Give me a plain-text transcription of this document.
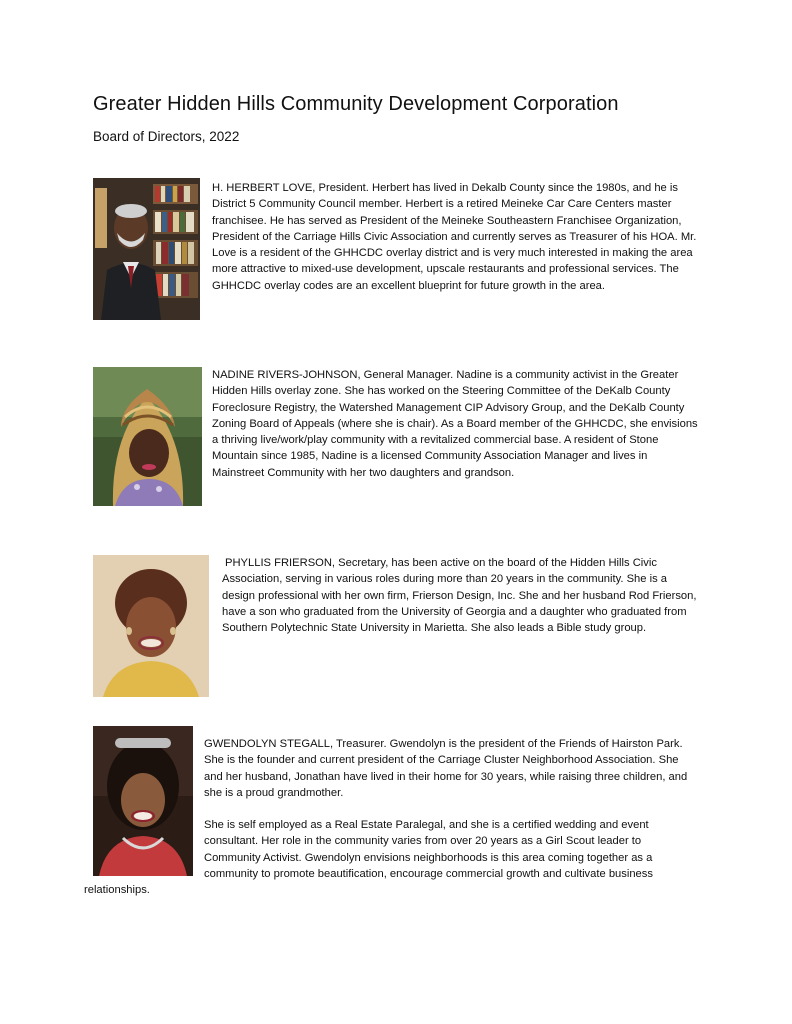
Greater Hidden Hills Community Development Corporation

Board of Directors, 2022

H. HERBERT LOVE, President. Herbert has lived in Dekalb County since the 1980s, and he is District 5 Community Council member. Herbert is a retired Meineke Car Care Centers master franchisee. He has served as President of the Meineke Southeastern Franchisee Organization, President of the Carriage Hills Civic Association and currently serves as Treasurer of his HOA. Mr. Love is a resident of the GHHCDC overlay district and is very much interested in making the area more attractive to mixed-use development, upscale restaurants and professional services. The GHHCDC overlay codes are an excellent blueprint for future growth in the area.

NADINE RIVERS-JOHNSON, General Manager. Nadine is a community activist in the Greater Hidden Hills overlay zone. She has worked on the Steering Committee of the DeKalb County Foreclosure Registry, the Watershed Management CIP Advisory Group, and the DeKalb County Zoning Board of Appeals (where she is chair). As a Board member of the GHHCDC, she envisions a thriving live/work/play community with a revitalized commercial base. A resident of Stone Mountain since 1985, Nadine is a licensed Community Association Manager and lives in Mainstreet Community with her two daughters and grandson.

PHYLLIS FRIERSON, Secretary, has been active on the board of the Hidden Hills Civic Association, serving in various roles during more than 20 years in the community. She is a design professional with her own firm, Frierson Design, Inc. She and her husband Rod Frierson, have a son who graduated from the University of Georgia and a daughter who graduated from Southern Polytechnic State University in Marietta. She also leads a Bible study group.

GWENDOLYN STEGALL, Treasurer. Gwendolyn is the president of the Friends of Hairston Park. She is the founder and current president of the Carriage Cluster Neighborhood Association. She and her husband, Jonathan have lived in their home for 30 years, while raising three children, and she is a proud grandmother.

She is self employed as a Real Estate Paralegal, and she is a certified wedding and event consultant. Her role in the community varies from over 20 years as a Girl Scout leader to Community Activist. Gwendolyn envisions neighborhoods is this area coming together as a community to promote beautification, encourage commercial growth and cultivate business

relationships.
